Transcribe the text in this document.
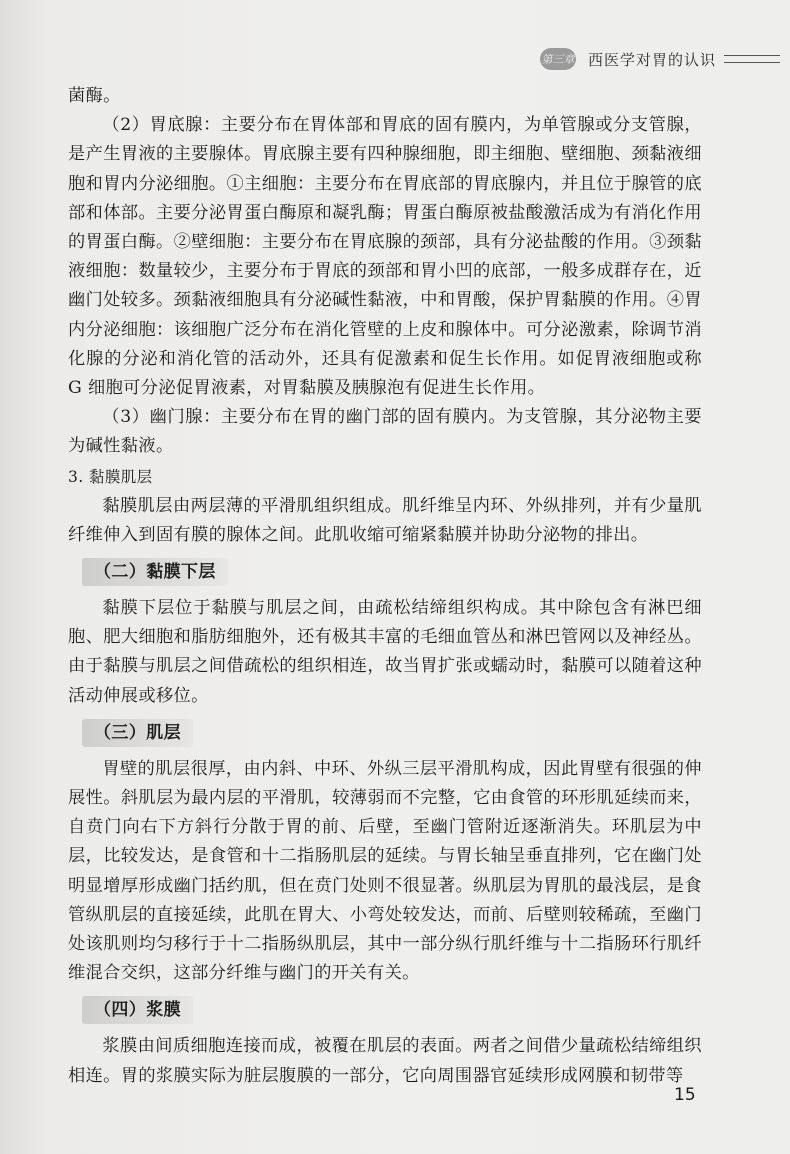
第三章 西医学对胃的认识

菌酶。

（2）胃底腺：主要分布在胃体部和胃底的固有膜内，为单管腺或分支管腺，是产生胃液的主要腺体。胃底腺主要有四种腺细胞，即主细胞、壁细胞、颈黏液细胞和胃内分泌细胞。①主细胞：主要分布在胃底部的胃底腺内，并且位于腺管的底部和体部。主要分泌胃蛋白酶原和凝乳酶；胃蛋白酶原被盐酸激活成为有消化作用的胃蛋白酶。②壁细胞：主要分布在胃底腺的颈部，具有分泌盐酸的作用。③颈黏液细胞：数量较少，主要分布于胃底的颈部和胃小凹的底部，一般多成群存在，近幽门处较多。颈黏液细胞具有分泌碱性黏液，中和胃酸，保护胃黏膜的作用。④胃内分泌细胞：该细胞广泛分布在消化管壁的上皮和腺体中。可分泌激素，除调节消化腺的分泌和消化管的活动外，还具有促激素和促生长作用。如促胃液细胞或称 G 细胞可分泌促胃液素，对胃黏膜及胰腺泡有促进生长作用。

（3）幽门腺：主要分布在胃的幽门部的固有膜内。为支管腺，其分泌物主要为碱性黏液。

3. 黏膜肌层

黏膜肌层由两层薄的平滑肌组织组成。肌纤维呈内环、外纵排列，并有少量肌纤维伸入到固有膜的腺体之间。此肌收缩可缩紧黏膜并协助分泌物的排出。

（二）黏膜下层

黏膜下层位于黏膜与肌层之间，由疏松结缔组织构成。其中除包含有淋巴细胞、肥大细胞和脂肪细胞外，还有极其丰富的毛细血管丛和淋巴管网以及神经丛。由于黏膜与肌层之间借疏松的组织相连，故当胃扩张或蠕动时，黏膜可以随着这种活动伸展或移位。

（三）肌层

胃壁的肌层很厚，由内斜、中环、外纵三层平滑肌构成，因此胃壁有很强的伸展性。斜肌层为最内层的平滑肌，较薄弱而不完整，它由食管的环形肌延续而来，自贲门向右下方斜行分散于胃的前、后壁，至幽门管附近逐渐消失。环肌层为中层，比较发达，是食管和十二指肠肌层的延续。与胃长轴呈垂直排列，它在幽门处明显增厚形成幽门括约肌，但在贲门处则不很显著。纵肌层为胃肌的最浅层，是食管纵肌层的直接延续，此肌在胃大、小弯处较发达，而前、后壁则较稀疏，至幽门处该肌则均匀移行于十二指肠纵肌层，其中一部分纵行肌纤维与十二指肠环行肌纤维混合交织，这部分纤维与幽门的开关有关。

（四）浆膜

浆膜由间质细胞连接而成，被覆在肌层的表面。两者之间借少量疏松结缔组织相连。胃的浆膜实际为脏层腹膜的一部分，它向周围器官延续形成网膜和韧带等

15
